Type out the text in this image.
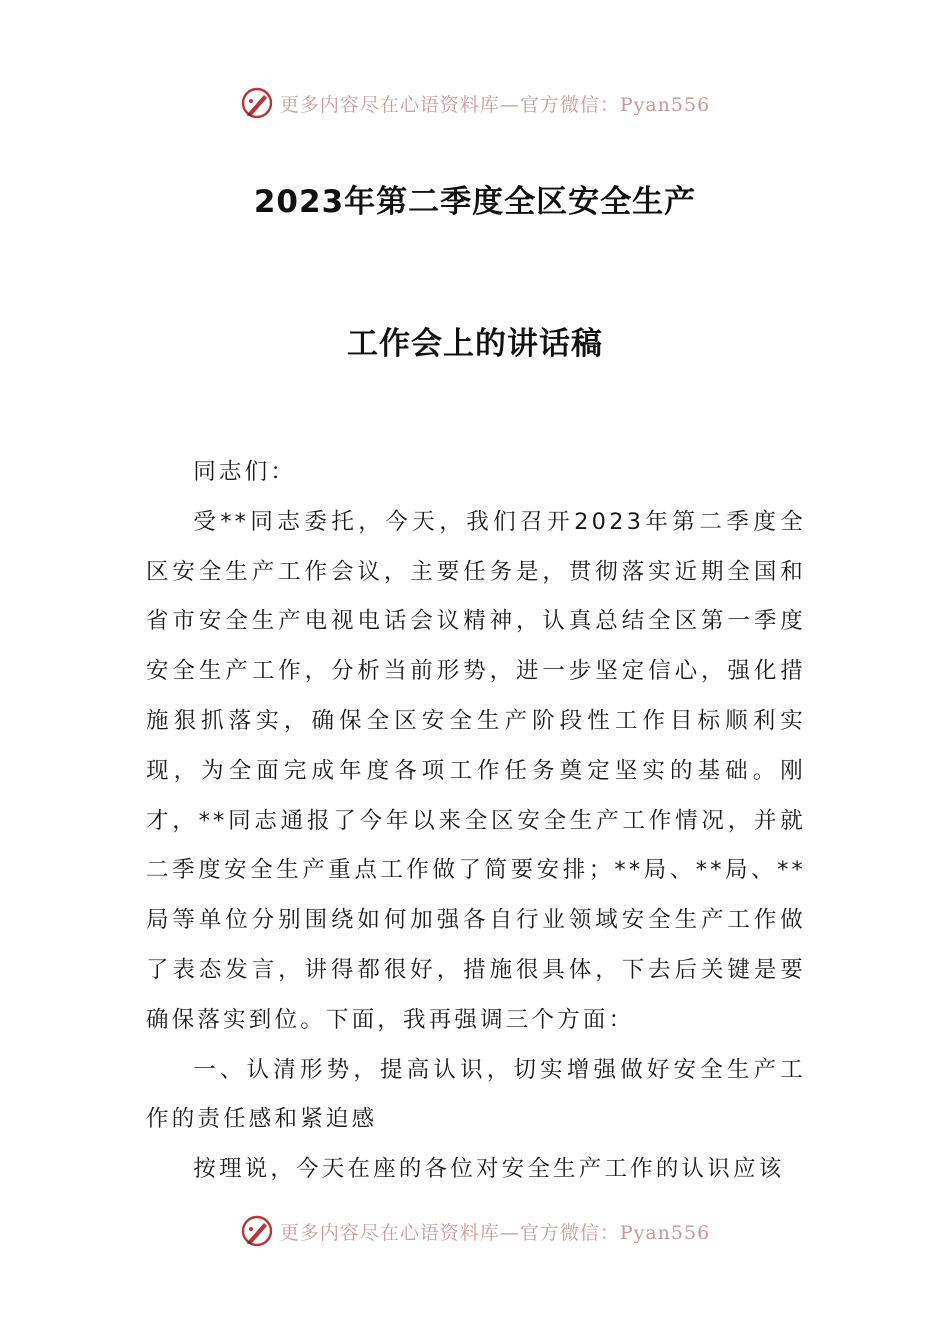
更多内容尽在心语资料库—官方微信：Pyan556
2023年第二季度全区安全生产
工作会上的讲话稿

同志们：

受**同志委托，今天，我们召开2023年第二季度全区安全生产工作会议，主要任务是，贯彻落实近期全国和省市安全生产电视电话会议精神，认真总结全区第一季度安全生产工作，分析当前形势，进一步坚定信心，强化措施狠抓落实，确保全区安全生产阶段性工作目标顺利实现，为全面完成年度各项工作任务奠定坚实的基础。刚才，**同志通报了今年以来全区安全生产工作情况，并就二季度安全生产重点工作做了简要安排；**局、**局、**局等单位分别围绕如何加强各自行业领域安全生产工作做了表态发言，讲得都很好，措施很具体，下去后关键是要确保落实到位。下面，我再强调三个方面：

一、认清形势，提高认识，切实增强做好安全生产工作的责任感和紧迫感

按理说，今天在座的各位对安全生产工作的认识应该

更多内容尽在心语资料库—官方微信：Pyan556
